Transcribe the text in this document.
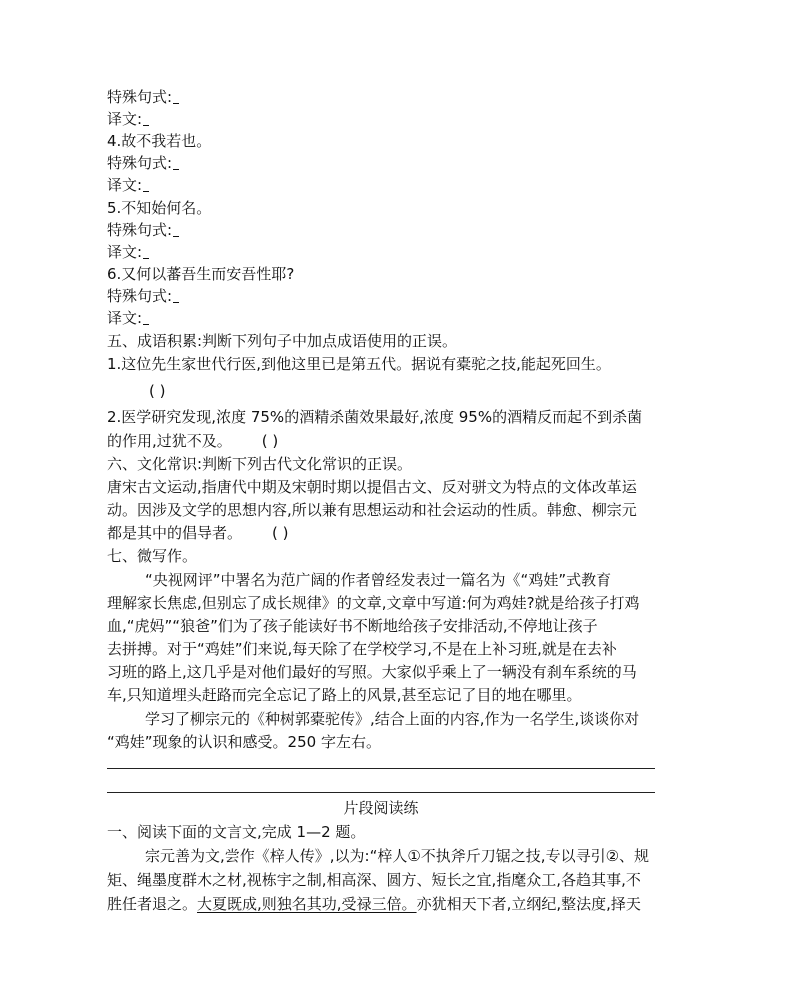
特殊句式:
译文:
4.故不我若也。
特殊句式:
译文:
5.不知始何名。
特殊句式:
译文:
6.又何以蕃吾生而安吾性耶?
特殊句式:
译文:
五、成语积累:判断下列句子中加点成语使用的正误。
1.这位先生家世代行医,到他这里已是第五代。据说有橐驼之技,能起死回生。
( )
2.医学研究发现,浓度 75%的酒精杀菌效果最好,浓度 95%的酒精反而起不到杀菌
的作用,过犹不及。 ( )
六、文化常识:判断下列古代文化常识的正误。
唐宋古文运动,指唐代中期及宋朝时期以提倡古文、反对骈文为特点的文体改革运
动。因涉及文学的思想内容,所以兼有思想运动和社会运动的性质。韩愈、柳宗元
都是其中的倡导者。 ( )
七、微写作。
“央视网评”中署名为范广阔的作者曾经发表过一篇名为《“鸡娃”式教育
理解家长焦虑,但别忘了成长规律》的文章,文章中写道:何为鸡娃?就是给孩子打鸡
血,“虎妈”“狼爸”们为了孩子能读好书不断地给孩子安排活动,不停地让孩子
去拼搏。对于“鸡娃”们来说,每天除了在学校学习,不是在上补习班,就是在去补
习班的路上,这几乎是对他们最好的写照。大家似乎乘上了一辆没有刹车系统的马
车,只知道埋头赶路而完全忘记了路上的风景,甚至忘记了目的地在哪里。
学习了柳宗元的《种树郭橐驼传》,结合上面的内容,作为一名学生,谈谈你对
“鸡娃”现象的认识和感受。250 字左右。
片段阅读练
一、阅读下面的文言文,完成 1—2 题。
宗元善为文,尝作《梓人传》,以为:“梓人①不执斧斤刀锯之技,专以寻引②、规
矩、绳墨度群木之材,视栋宇之制,相高深、圆方、短长之宜,指麾众工,各趋其事,不
胜任者退之。大夏既成,则独名其功,受禄三倍。亦犹相天下者,立纲纪,整法度,择天
